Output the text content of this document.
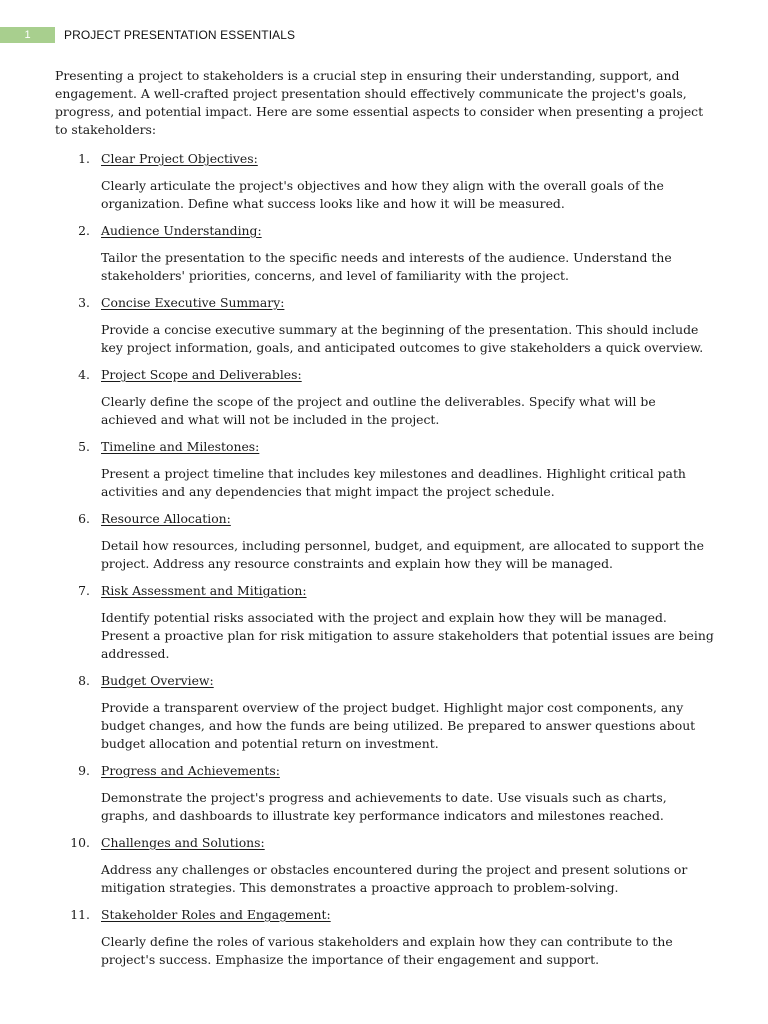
1	PROJECT PRESENTATION ESSENTIALS

Presenting a project to stakeholders is a crucial step in ensuring their understanding, support, and engagement. A well-crafted project presentation should effectively communicate the project's goals, progress, and potential impact. Here are some essential aspects to consider when presenting a project to stakeholders:

1. Clear Project Objectives:

Clearly articulate the project's objectives and how they align with the overall goals of the organization. Define what success looks like and how it will be measured.

2. Audience Understanding:

Tailor the presentation to the specific needs and interests of the audience. Understand the stakeholders' priorities, concerns, and level of familiarity with the project.

3. Concise Executive Summary:

Provide a concise executive summary at the beginning of the presentation. This should include key project information, goals, and anticipated outcomes to give stakeholders a quick overview.

4. Project Scope and Deliverables:

Clearly define the scope of the project and outline the deliverables. Specify what will be achieved and what will not be included in the project.

5. Timeline and Milestones:

Present a project timeline that includes key milestones and deadlines. Highlight critical path activities and any dependencies that might impact the project schedule.

6. Resource Allocation:

Detail how resources, including personnel, budget, and equipment, are allocated to support the project. Address any resource constraints and explain how they will be managed.

7. Risk Assessment and Mitigation:

Identify potential risks associated with the project and explain how they will be managed. Present a proactive plan for risk mitigation to assure stakeholders that potential issues are being addressed.

8. Budget Overview:

Provide a transparent overview of the project budget. Highlight major cost components, any budget changes, and how the funds are being utilized. Be prepared to answer questions about budget allocation and potential return on investment.

9. Progress and Achievements:

Demonstrate the project's progress and achievements to date. Use visuals such as charts, graphs, and dashboards to illustrate key performance indicators and milestones reached.

10. Challenges and Solutions:

Address any challenges or obstacles encountered during the project and present solutions or mitigation strategies. This demonstrates a proactive approach to problem-solving.

11. Stakeholder Roles and Engagement:

Clearly define the roles of various stakeholders and explain how they can contribute to the project's success. Emphasize the importance of their engagement and support.
